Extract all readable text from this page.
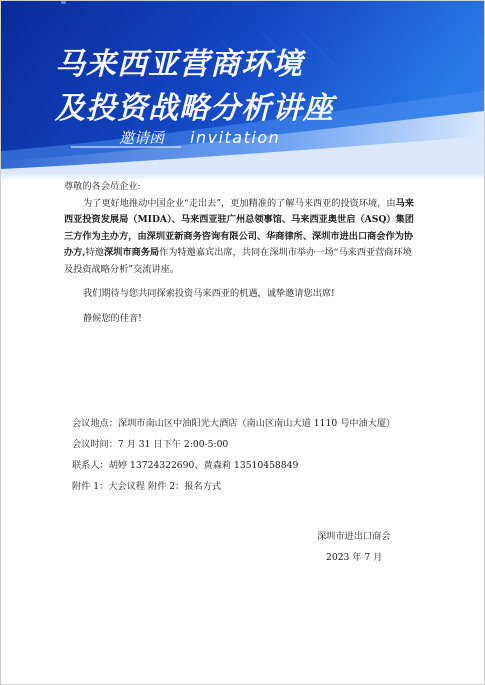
马来西亚营商环境
及投资战略分析讲座
邀请函 invitation

尊敬的各会员企业:

为了更好地推动中国企业“走出去”，更加精准的了解马来西亚的投资环境，由马来西亚投资发展局（MIDA）、马来西亚驻广州总领事馆、马来西亚奥世启（ASQ）集团三方作为主办方，由深圳亚新商务咨询有限公司、华商律所、深圳市进出口商会作为协办方,特邀深圳市商务局作为特邀嘉宾出席，共同在深圳市举办一场“马来西亚营商环境及投资战略分析”交流讲座。

我们期待与您共同探索投资马来西亚的机遇，诚挚邀请您出席!

静候您的佳音!

会议地点：深圳市南山区中油阳光大酒店（南山区南山大道 1110 号中油大厦）
会议时间：7 月 31 日下午 2:00-5:00
联系人：胡婷 13724322690、黄森莉 13510458849
附件 1：大会议程 附件 2：报名方式
深圳市进出口商会
2023 年 7 月
